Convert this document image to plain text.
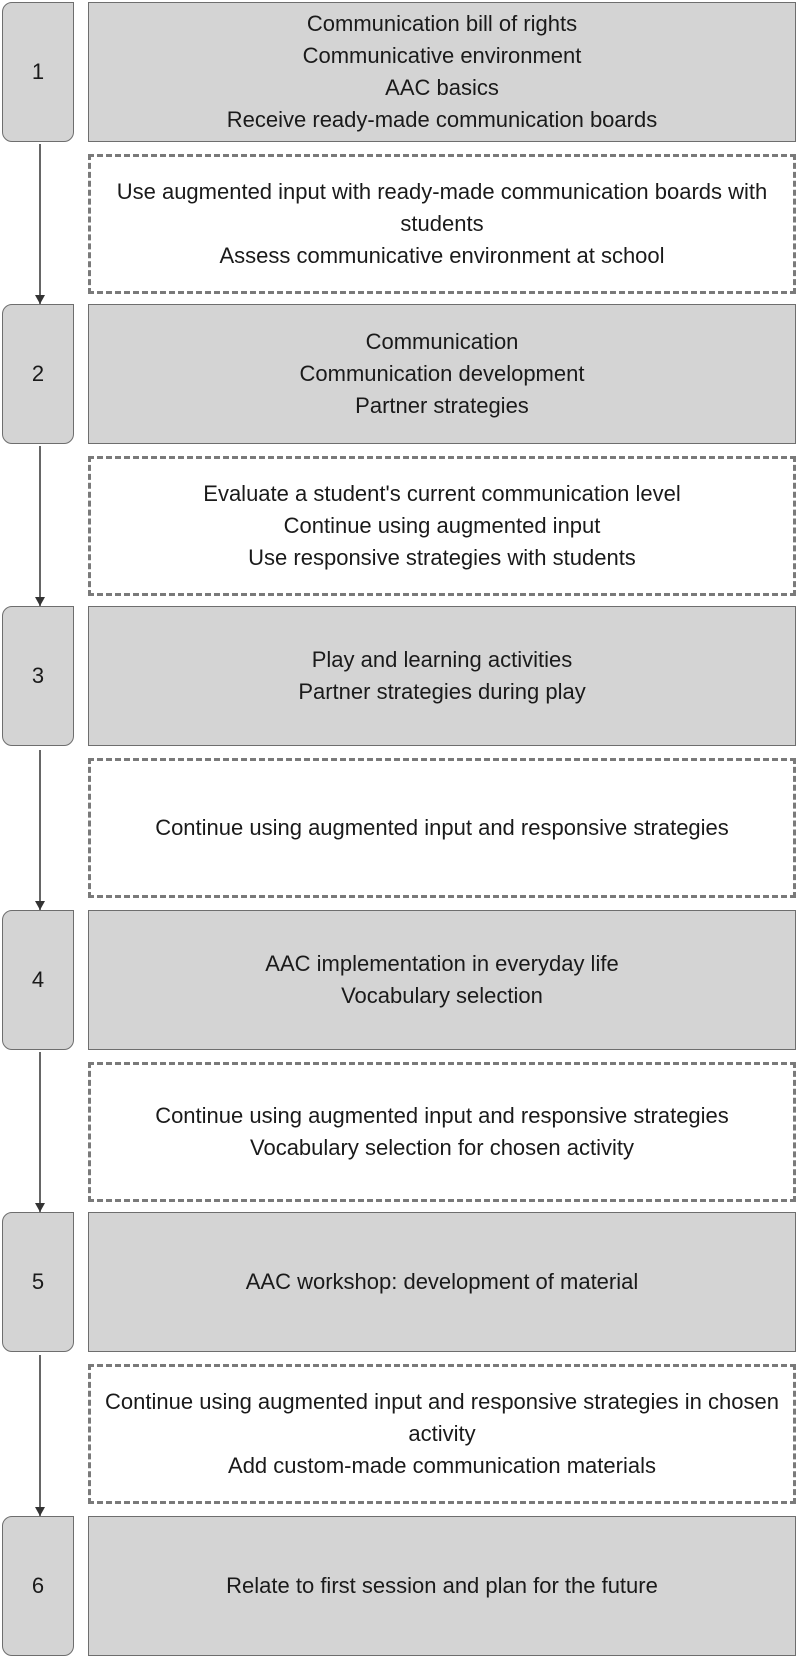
1
Communication bill of rights
Communicative environment
AAC basics
Receive ready-made communication boards
Use augmented input with ready-made communication boards with students
Assess communicative environment at school
2
Communication
Communication development
Partner strategies
Evaluate a student's current communication level
Continue using augmented input
Use responsive strategies with students
3
Play and learning activities
Partner strategies during play
Continue using augmented input and responsive strategies
4
AAC implementation in everyday life
Vocabulary selection
Continue using augmented input and responsive strategies
Vocabulary selection for chosen activity
5	AAC workshop: development of material
Continue using augmented input and responsive strategies in chosen activity
Add custom-made communication materials
6	Relate to first session and plan for the future
